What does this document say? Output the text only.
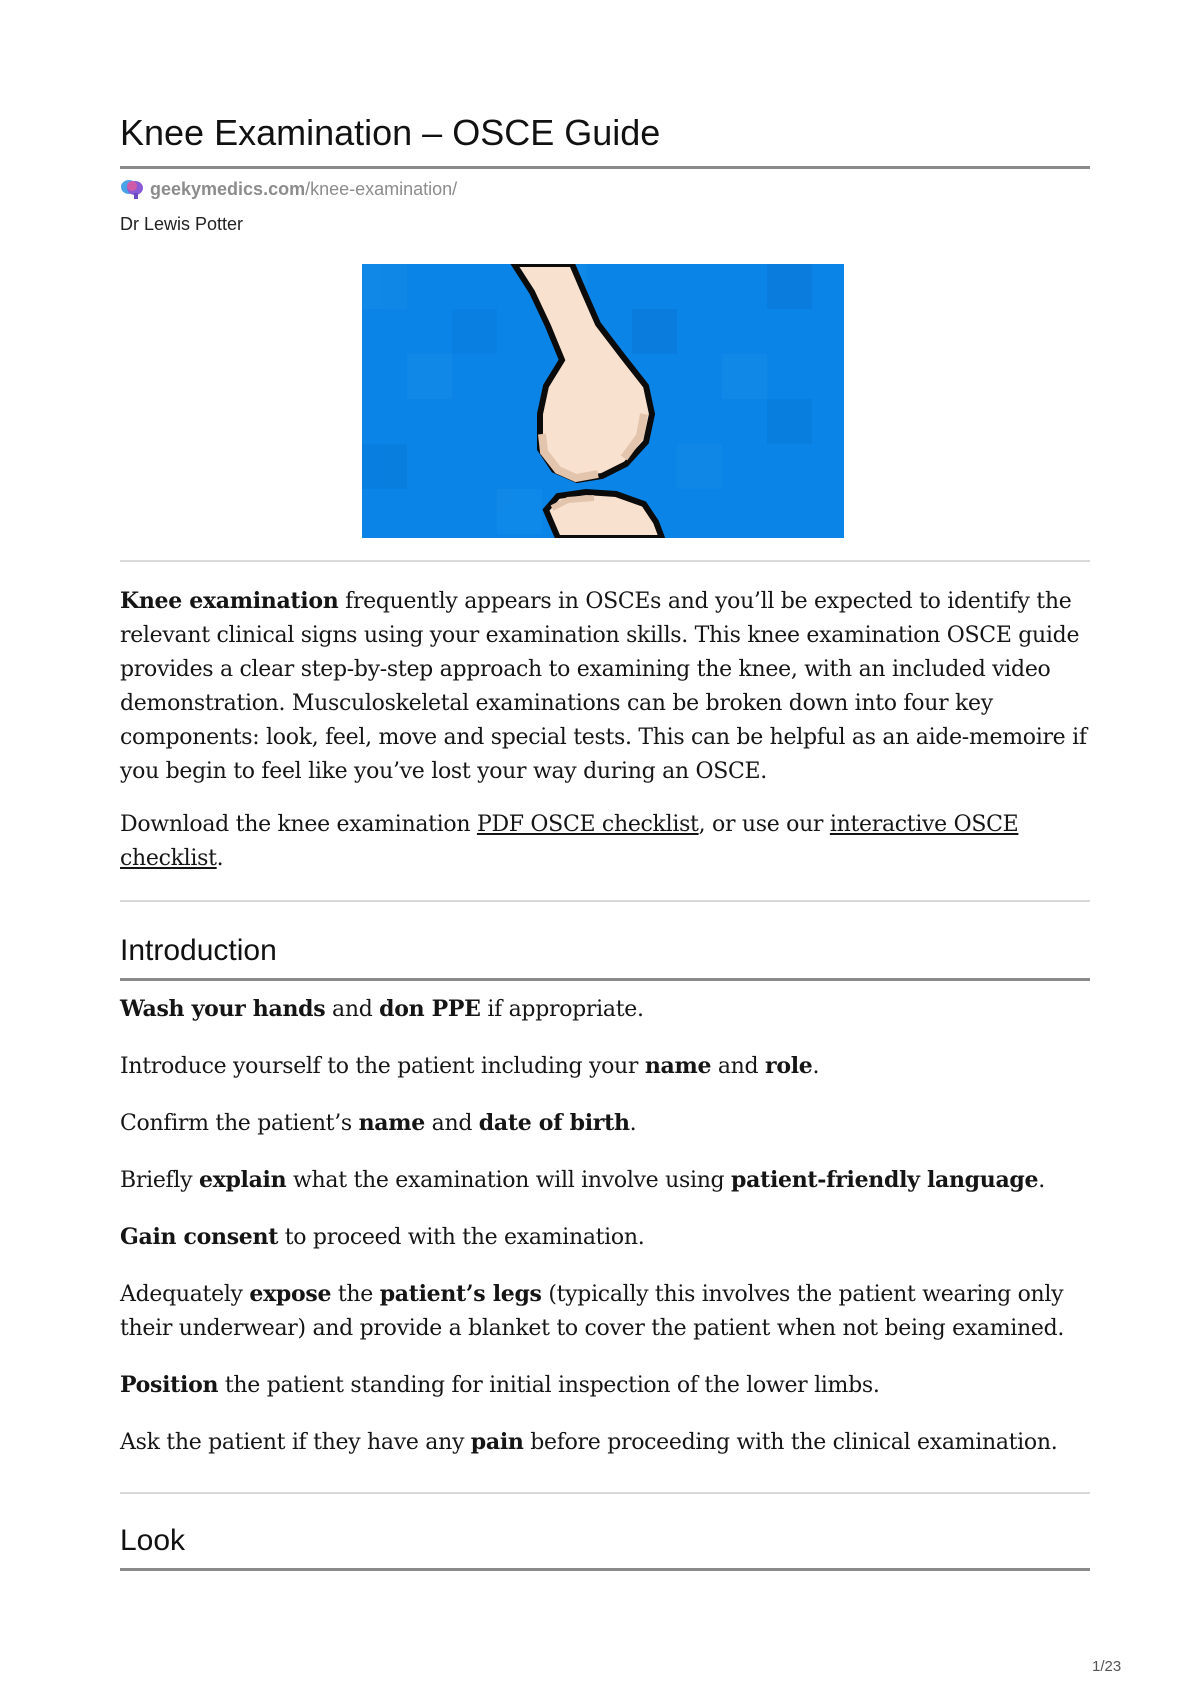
Knee Examination – OSCE Guide
geekymedics.com /knee-examination/
Dr Lewis Potter

Knee examination frequently appears in OSCEs and you’ll be expected to identify the relevant clinical signs using your examination skills. This knee examination OSCE guide provides a clear step-by-step approach to examining the knee, with an included video demonstration. Musculoskeletal examinations can be broken down into four key components: look, feel, move and special tests. This can be helpful as an aide-memoire if you begin to feel like you’ve lost your way during an OSCE.

Download the knee examination PDF OSCE checklist, or use our interactive OSCE checklist.

Introduction

Wash your hands and don PPE if appropriate.

Introduce yourself to the patient including your name and role.

Confirm the patient’s name and date of birth.

Briefly explain what the examination will involve using patient-friendly language.

Gain consent to proceed with the examination.

Adequately expose the patient’s legs (typically this involves the patient wearing only their underwear) and provide a blanket to cover the patient when not being examined.

Position the patient standing for initial inspection of the lower limbs.

Ask the patient if they have any pain before proceeding with the clinical examination.

Look
1/23
